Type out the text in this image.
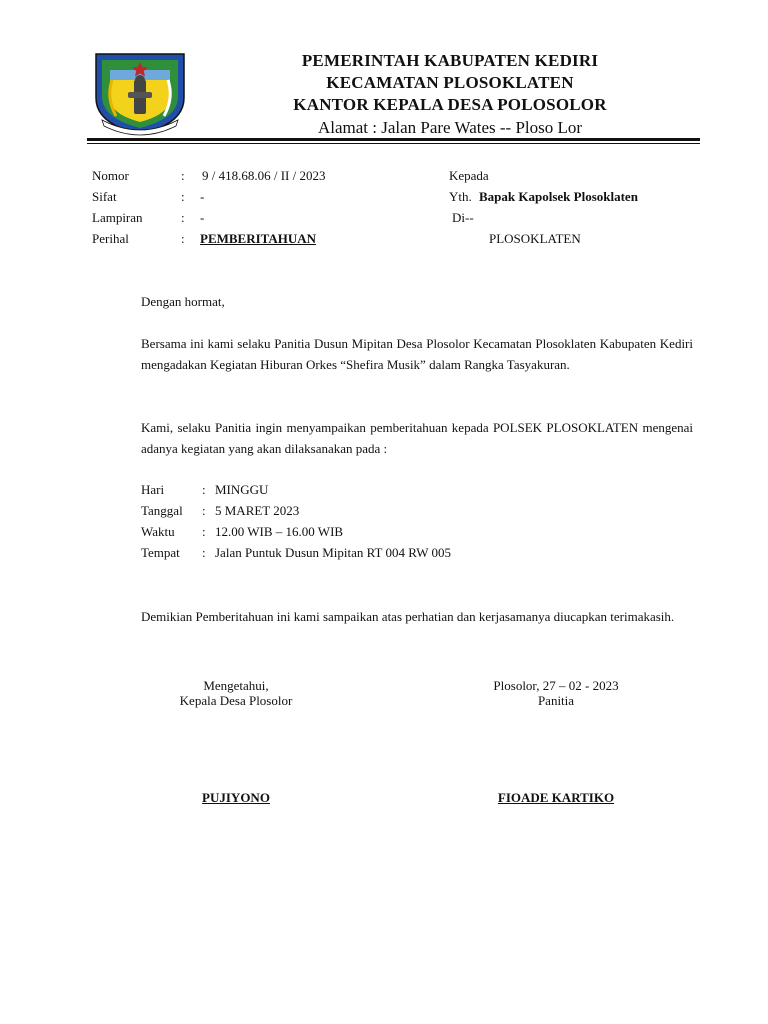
PEMERINTAH KABUPATEN KEDIRI
KECAMATAN PLOSOKLATEN
KANTOR KEPALA DESA POLOSOLOR
Alamat : Jalan Pare Wates -- Ploso Lor
Nomor	: 9 / 418.68.06 / II / 2023
Sifat	: -
Lampiran	: -
Perihal	: PEMBERITAHUAN
Kepada
Yth. Bapak Kapolsek Plosoklaten
Di--
PLOSOKLATEN
Dengan hormat,
Bersama ini kami selaku Panitia Dusun Mipitan Desa Plosolor Kecamatan Plosoklaten Kabupaten Kediri mengadakan Kegiatan Hiburan Orkes “Shefira Musik” dalam Rangka Tasyakuran.
Kami, selaku Panitia ingin menyampaikan pemberitahuan kepada POLSEK PLOSOKLATEN mengenai adanya kegiatan yang akan dilaksanakan pada :
Hari	: MINGGU
Tanggal : 5 MARET 2023
Waktu : 12.00 WIB – 16.00 WIB
Tempat : Jalan Puntuk Dusun Mipitan RT 004 RW 005
Demikian Pemberitahuan ini kami sampaikan atas perhatian dan kerjasamanya diucapkan terimakasih.
Mengetahui,
Kepala Desa Plosolor
Plosolor, 27 – 02 - 2023
Panitia
PUJIYONO	FIOADE KARTIKO
